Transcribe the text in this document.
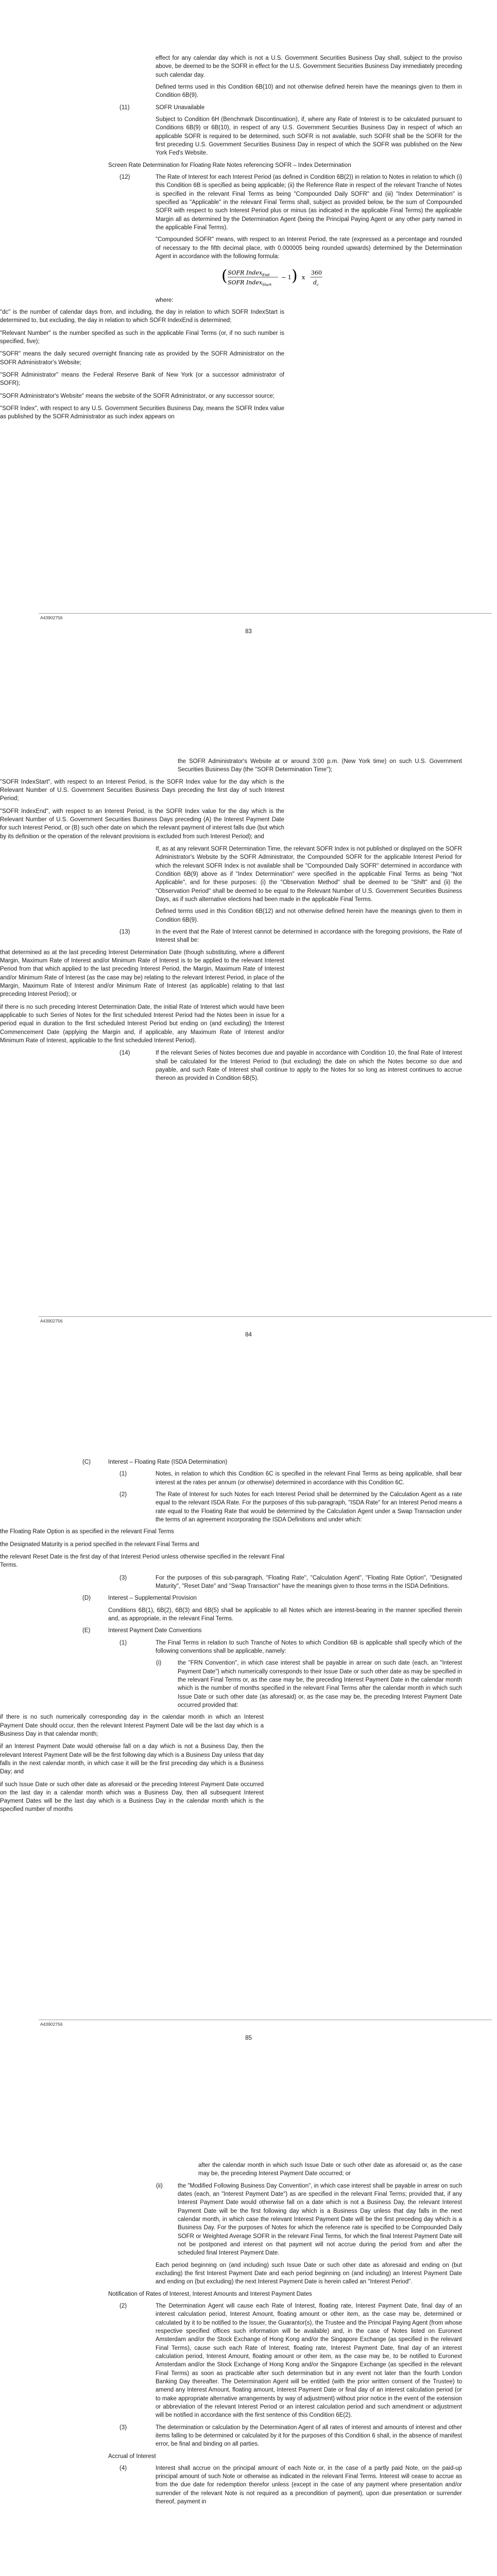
effect for any calendar day which is not a U.S. Government Securities Business Day shall, subject to the proviso above, be deemed to be the SOFR in effect for the U.S. Government Securities Business Day immediately preceding such calendar day.

Defined terms used in this Condition 6B(10) and not otherwise defined herein have the meanings given to them in Condition 6B(9).

(11)	SOFR Unavailable

Subject to Condition 6H (Benchmark Discontinuation), if, where any Rate of Interest is to be calculated pursuant to Conditions 6B(9) or 6B(10), in respect of any U.S. Government Securities Business Day in respect of which an applicable SOFR is required to be determined, such SOFR is not available, such SOFR shall be the SOFR for the first preceding U.S. Government Securities Business Day in respect of which the SOFR was published on the New York Fed's Website.

Screen Rate Determination for Floating Rate Notes referencing SOFR – Index Determination

(12)	The Rate of Interest for each Interest Period (as defined in Condition 6B(2)) in relation to Notes in relation to which (i) this Condition 6B is specified as being applicable; (ii) the Reference Rate in respect of the relevant Tranche of Notes is specified in the relevant Final Terms as being "Compounded Daily SOFR" and (iii) "Index Determination" is specified as "Applicable" in the relevant Final Terms shall, subject as provided below, be the sum of Compounded SOFR with respect to such Interest Period plus or minus (as indicated in the applicable Final Terms) the applicable Margin all as determined by the Determination Agent (being the Principal Paying Agent or any other party named in the applicable Final Terms).

"Compounded SOFR" means, with respect to an Interest Period, the rate (expressed as a percentage and rounded of necessary to the fifth decimal place, with 0.000005 being rounded upwards) determined by the Determination Agent in accordance with the following formula:

( SOFR Index$_{End}$
SOFR Index$_{Start}$
− 1 ) x
360
$d_c$

where:

"dc" is the number of calendar days from, and including, the day in relation to which SOFR IndexStart is determined to, but excluding, the day in relation to which SOFR IndexEnd is determined;
"Relevant Number" is the number specified as such in the applicable Final Terms (or, if no such number is specified, five);
"SOFR" means the daily secured overnight financing rate as provided by the SOFR Administrator on the SOFR Administrator's Website;
"SOFR Administrator" means the Federal Reserve Bank of New York (or a successor administrator of SOFR);
"SOFR Administrator's Website" means the website of the SOFR Administrator, or any successor source;
"SOFR Index", with respect to any U.S. Government Securities Business Day, means the SOFR Index value as published by the SOFR Administrator as such index appears on
A43902756
83

the SOFR Administrator's Website at or around 3:00 p.m. (New York time) on such U.S. Government Securities Business Day (the "SOFR Determination Time");

"SOFR IndexStart", with respect to an Interest Period, is the SOFR Index value for the day which is the Relevant Number of U.S. Government Securities Business Days preceding the first day of such Interest Period;
"SOFR IndexEnd", with respect to an Interest Period, is the SOFR Index value for the day which is the Relevant Number of U.S. Government Securities Business Days preceding (A) the Interest Payment Date for such Interest Period, or (B) such other date on which the relevant payment of interest falls due (but which by its definition or the operation of the relevant provisions is excluded from such Interest Period); and

If, as at any relevant SOFR Determination Time, the relevant SOFR Index is not published or displayed on the SOFR Administrator's Website by the SOFR Administrator, the Compounded SOFR for the applicable Interest Period for which the relevant SOFR Index is not available shall be "Compounded Daily SOFR" determined in accordance with Condition 6B(9) above as if "Index Determination" were specified in the applicable Final Terms as being "Not Applicable", and for these purposes: (i) the "Observation Method" shall be deemed to be "Shift" and (ii) the "Observation Period" shall be deemed to be equal to the Relevant Number of U.S. Government Securities Business Days, as if such alternative elections had been made in the applicable Final Terms.

Defined terms used in this Condition 6B(12) and not otherwise defined herein have the meanings given to them in Condition 6B(9).

(13)	In the event that the Rate of Interest cannot be determined in accordance with the foregoing provisions, the Rate of Interest shall be:
that determined as at the last preceding Interest Determination Date (though substituting, where a different Margin, Maximum Rate of Interest and/or Minimum Rate of Interest is to be applied to the relevant Interest Period from that which applied to the last preceding Interest Period, the Margin, Maximum Rate of Interest and/or Minimum Rate of Interest (as the case may be) relating to the relevant Interest Period, in place of the Margin, Maximum Rate of Interest and/or Minimum Rate of Interest (as applicable) relating to that last preceding Interest Period); or
if there is no such preceding Interest Determination Date, the initial Rate of Interest which would have been applicable to such Series of Notes for the first scheduled Interest Period had the Notes been in issue for a period equal in duration to the first scheduled Interest Period but ending on (and excluding) the Interest Commencement Date (applying the Margin and, if applicable, any Maximum Rate of Interest and/or Minimum Rate of Interest, applicable to the first scheduled Interest Period).
(14)	If the relevant Series of Notes becomes due and payable in accordance with Condition 10, the final Rate of Interest shall be calculated for the Interest Period to (but excluding) the date on which the Notes become so due and payable, and such Rate of Interest shall continue to apply to the Notes for so long as interest continues to accrue thereon as provided in Condition 6B(5).
A43902756
84
(C)	Interest – Floating Rate (ISDA Determination)
(1)	Notes, in relation to which this Condition 6C is specified in the relevant Final Terms as being applicable, shall bear interest at the rates per annum (or otherwise) determined in accordance with this Condition 6C.
(2)	The Rate of Interest for such Notes for each Interest Period shall be determined by the Calculation Agent as a rate equal to the relevant ISDA Rate. For the purposes of this sub-paragraph, "ISDA Rate" for an Interest Period means a rate equal to the Floating Rate that would be determined by the Calculation Agent under a Swap Transaction under the terms of an agreement incorporating the ISDA Definitions and under which:
the Floating Rate Option is as specified in the relevant Final Terms
the Designated Maturity is a period specified in the relevant Final Terms and
the relevant Reset Date is the first day of that Interest Period unless otherwise specified in the relevant Final Terms.
(3)	For the purposes of this sub-paragraph, "Floating Rate", "Calculation Agent", "Floating Rate Option", "Designated Maturity", "Reset Date" and "Swap Transaction" have the meanings given to those terms in the ISDA Definitions.
(D)	Interest – Supplemental Provision

Conditions 6B(1), 6B(2), 6B(3) and 6B(5) shall be applicable to all Notes which are interest-bearing in the manner specified therein and, as appropriate, in the relevant Final Terms.

(E)	Interest Payment Date Conventions
(1)	The Final Terms in relation to such Tranche of Notes to which Condition 6B is applicable shall specify which of the following conventions shall be applicable, namely:
(i)	the "FRN Convention", in which case interest shall be payable in arrear on such date (each, an "Interest Payment Date") which numerically corresponds to their Issue Date or such other date as may be specified in the relevant Final Terms or, as the case may be, the preceding Interest Payment Date in the calendar month which is the number of months specified in the relevant Final Terms after the calendar month in which such Issue Date or such other date (as aforesaid) or, as the case may be, the preceding Interest Payment Date occurred provided that:
if there is no such numerically corresponding day in the calendar month in which an Interest Payment Date should occur, then the relevant Interest Payment Date will be the last day which is a Business Day in that calendar month;
if an Interest Payment Date would otherwise fall on a day which is not a Business Day, then the relevant Interest Payment Date will be the first following day which is a Business Day unless that day falls in the next calendar month, in which case it will be the first preceding day which is a Business Day; and
if such Issue Date or such other date as aforesaid or the preceding Interest Payment Date occurred on the last day in a calendar month which was a Business Day, then all subsequent Interest Payment Dates will be the last day which is a Business Day in the calendar month which is the specified number of months
A43902756
85

after the calendar month in which such Issue Date or such other date as aforesaid or, as the case may be, the preceding Interest Payment Date occurred; or

(ii)	the "Modified Following Business Day Convention", in which case interest shall be payable in arrear on such dates (each, an "Interest Payment Date") as are specified in the relevant Final Terms; provided that, if any Interest Payment Date would otherwise fall on a date which is not a Business Day, the relevant Interest Payment Date will be the first following day which is a Business Day unless that day falls in the next calendar month, in which case the relevant Interest Payment Date will be the first preceding day which is a Business Day. For the purposes of Notes for which the reference rate is specified to be Compounded Daily SOFR or Weighted Average SOFR in the relevant Final Terms, for which the final Interest Payment Date will not be postponed and interest on that payment will not accrue during the period from and after the scheduled final Interest Payment Date.

Each period beginning on (and including) such Issue Date or such other date as aforesaid and ending on (but excluding) the first Interest Payment Date and each period beginning on (and including) an Interest Payment Date and ending on (but excluding) the next Interest Payment Date is herein called an "Interest Period".

Notification of Rates of Interest, Interest Amounts and Interest Payment Dates

(2)	The Determination Agent will cause each Rate of Interest, floating rate, Interest Payment Date, final day of an interest calculation period, Interest Amount, floating amount or other item, as the case may be, determined or calculated by it to be notified to the Issuer, the Guarantor(s), the Trustee and the Principal Paying Agent (from whose respective specified offices such information will be available) and, in the case of Notes listed on Euronext Amsterdam and/or the Stock Exchange of Hong Kong and/or the Singapore Exchange (as specified in the relevant Final Terms), cause such each Rate of Interest, floating rate, Interest Payment Date, final day of an interest calculation period, Interest Amount, floating amount or other item, as the case may be, to be notified to Euronext Amsterdam and/or the Stock Exchange of Hong Kong and/or the Singapore Exchange (as specified in the relevant Final Terms) as soon as practicable after such determination but in any event not later than the fourth London Banking Day thereafter. The Determination Agent will be entitled (with the prior written consent of the Trustee) to amend any Interest Amount, floating amount, Interest Payment Date or final day of an interest calculation period (or to make appropriate alternative arrangements by way of adjustment) without prior notice in the event of the extension or abbreviation of the relevant Interest Period or an interest calculation period and such amendment or adjustment will be notified in accordance with the first sentence of this Condition 6E(2).
(3)	The determination or calculation by the Determination Agent of all rates of interest and amounts of interest and other items falling to be determined or calculated by it for the purposes of this Condition 6 shall, in the absence of manifest error, be final and binding on all parties.

Accrual of Interest

(4)	Interest shall accrue on the principal amount of each Note or, in the case of a partly paid Note, on the paid-up principal amount of such Note or otherwise as indicated in the relevant Final Terms. Interest will cease to accrue as from the due date for redemption therefor unless (except in the case of any payment where presentation and/or surrender of the relevant Note is not required as a precondition of payment), upon due presentation or surrender thereof, payment in
